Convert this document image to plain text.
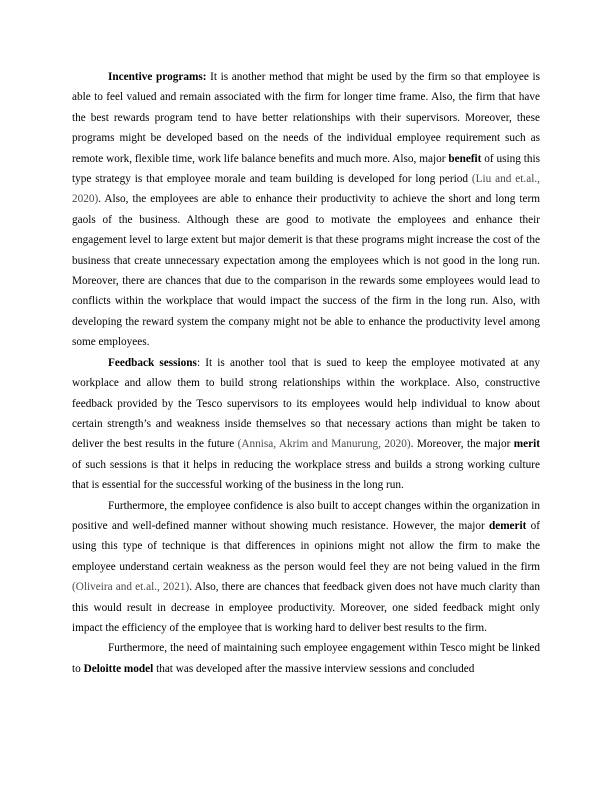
Incentive programs: It is another method that might be used by the firm so that employee is able to feel valued and remain associated with the firm for longer time frame. Also, the firm that have the best rewards program tend to have better relationships with their supervisors. Moreover, these programs might be developed based on the needs of the individual employee requirement such as remote work, flexible time, work life balance benefits and much more. Also, major benefit of using this type strategy is that employee morale and team building is developed for long period (Liu and et.al., 2020). Also, the employees are able to enhance their productivity to achieve the short and long term gaols of the business. Although these are good to motivate the employees and enhance their engagement level to large extent but major demerit is that these programs might increase the cost of the business that create unnecessary expectation among the employees which is not good in the long run. Moreover, there are chances that due to the comparison in the rewards some employees would lead to conflicts within the workplace that would impact the success of the firm in the long run. Also, with developing the reward system the company might not be able to enhance the productivity level among some employees.

Feedback sessions: It is another tool that is sued to keep the employee motivated at any workplace and allow them to build strong relationships within the workplace. Also, constructive feedback provided by the Tesco supervisors to its employees would help individual to know about certain strength’s and weakness inside themselves so that necessary actions than might be taken to deliver the best results in the future (Annisa, Akrim and Manurung, 2020). Moreover, the major merit of such sessions is that it helps in reducing the workplace stress and builds a strong working culture that is essential for the successful working of the business in the long run.

Furthermore, the employee confidence is also built to accept changes within the organization in positive and well-defined manner without showing much resistance. However, the major demerit of using this type of technique is that differences in opinions might not allow the firm to make the employee understand certain weakness as the person would feel they are not being valued in the firm (Oliveira and et.al., 2021). Also, there are chances that feedback given does not have much clarity than this would result in decrease in employee productivity. Moreover, one sided feedback might only impact the efficiency of the employee that is working hard to deliver best results to the firm.

Furthermore, the need of maintaining such employee engagement within Tesco might be linked to Deloitte model that was developed after the massive interview sessions and concluded
